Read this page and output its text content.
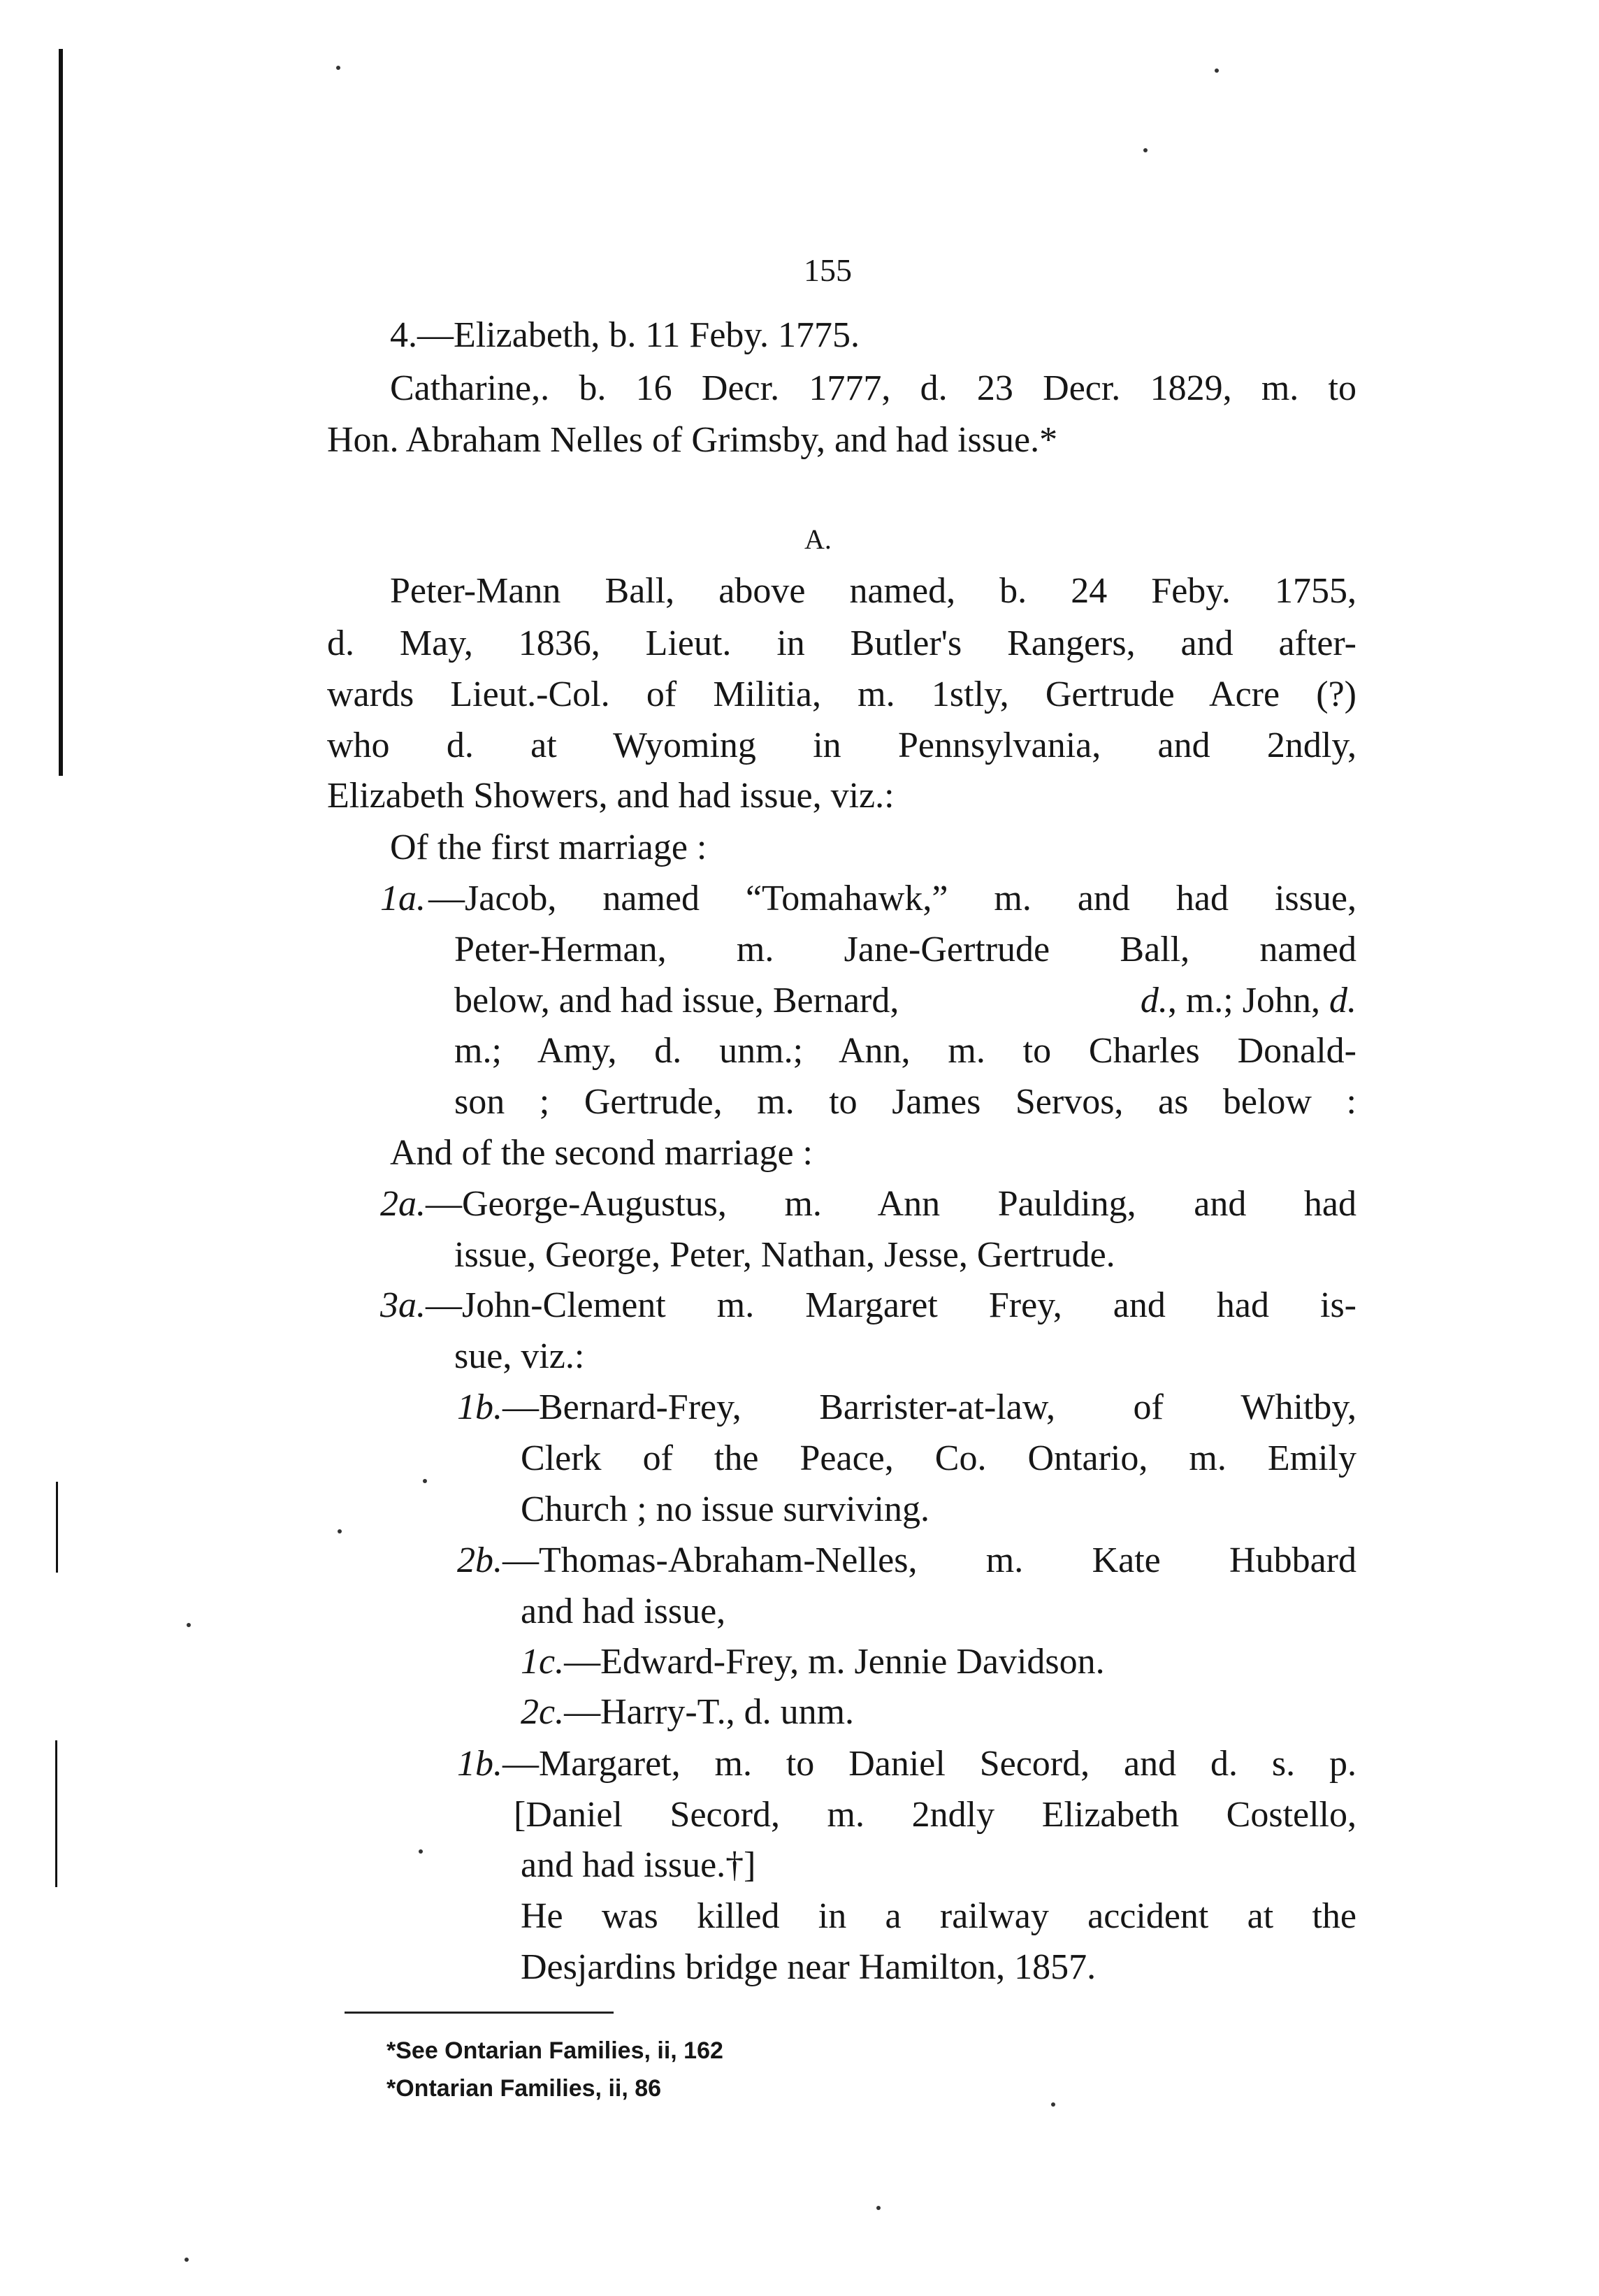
155
4.—Elizabeth, b. 11 Feby. 1775.
Catharine,. b. 16 Decr. 1777, d. 23 Decr. 1829, m. to
Hon. Abraham Nelles of Grimsby, and had issue.*
A.
Peter-Mann Ball, above named, b. 24 Feby. 1755,
d. May, 1836, Lieut. in Butler's Rangers, and after-
wards Lieut.-Col. of Militia, m. 1stly, Gertrude Acre (?)
who d. at Wyoming in Pennsylvania, and 2ndly,
Elizabeth Showers, and had issue, viz.:
Of the first marriage :
1a. —Jacob, named “Tomahawk,” m. and had issue,
Peter-Herman, m. Jane-Gertrude Ball, named
below, and had issue, Bernard,	d. , m.; John, d.
m.; Amy, d. unm.; Ann, m. to Charles Donald-
son ; Gertrude, m. to James Servos, as below :
And of the second marriage :
2a. —George-Augustus, m. Ann Paulding, and had
issue, George, Peter, Nathan, Jesse, Gertrude.
3a. —John-Clement m. Margaret Frey, and had is-
sue, viz.:
1b. —Bernard-Frey, Barrister-at-law, of Whitby,
Clerk of the Peace, Co. Ontario, m. Emily
Church ; no issue surviving.
2b. —Thomas-Abraham-Nelles, m. Kate Hubbard
and had issue,
1c.—Edward-Frey, m. Jennie Davidson.
2c.—Harry-T., d. unm.
1b. —Margaret, m. to Daniel Secord, and d. s. p.
[Daniel Secord, m. 2ndly Elizabeth Costello,
and had issue.†]
He was killed in a railway accident at the
Desjardins bridge near Hamilton, 1857.
*See Ontarian Families, ii, 162
*Ontarian Families, ii, 86
